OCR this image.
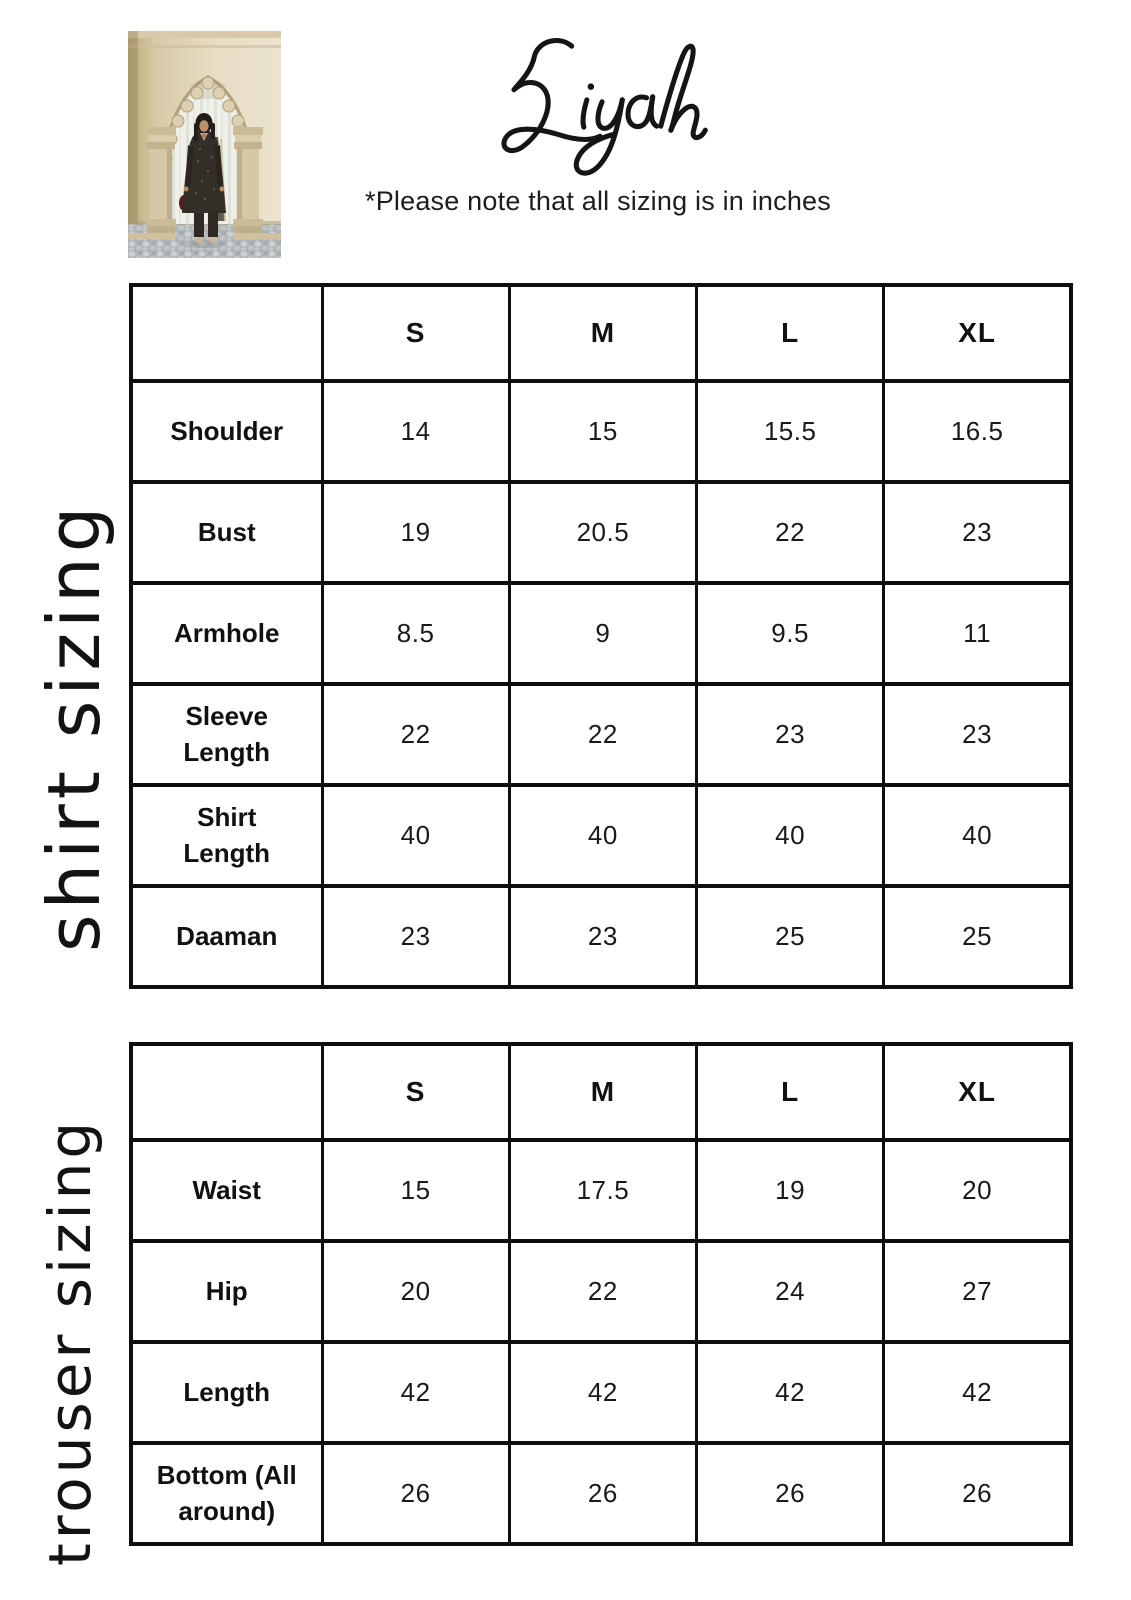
*Please note that all sizing is in inches

shirt sizing
trouser sizing
	S	M	L	XL
Shoulder	14	15	15.5	16.5
Bust	19	20.5	22	23
Armhole	8.5	9	9.5	11
Sleeve Length	22	22	23	23
Shirt Length	40	40	40	40
Daaman	23	23	25	25
	S	M	L	XL
Waist	15	17.5	19	20
Hip	20	22	24	27
Length	42	42	42	42
Bottom (All around)	26	26	26	26
